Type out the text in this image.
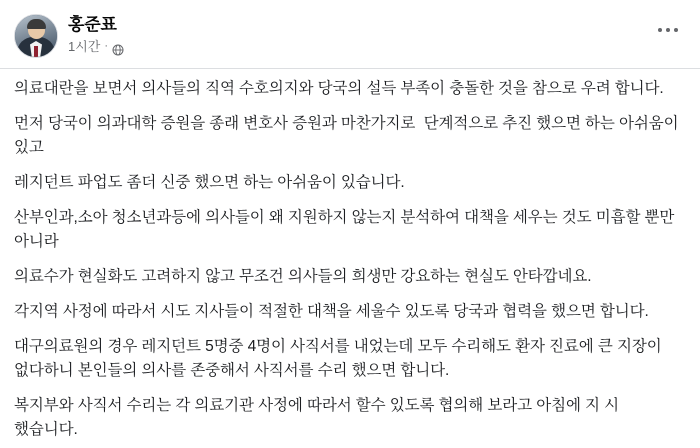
홍준표
1시간 ·

의료대란을 보면서 의사들의 직역 수호의지와 당국의 설득 부족이 충돌한 것을 참으로 우려 합니다.

먼저 당국이 의과대학 증원을 종래 변호사 증원과 마찬가지로  단계적으로 추진 했으면 하는 아쉬움이 있고

레지던트 파업도 좀더 신중 했으면 하는 아쉬움이 있습니다.

산부인과,소아 청소년과등에 의사들이 왜 지원하지 않는지 분석하여 대책을 세우는 것도 미흡할 뿐만 아니라

의료수가 현실화도 고려하지 않고 무조건 의사들의 희생만 강요하는 현실도 안타깝네요.

각지역 사정에 따라서 시도 지사들이 적절한 대책을 세울수 있도록 당국과 협력을 했으면 합니다.

대구의료원의 경우 레지던트 5명중 4명이 사직서를 내었는데 모두 수리해도 환자 진료에 큰 지장이 없다하니 본인들의 의사를 존중해서 사직서를 수리 했으면 합니다.

복지부와 사직서 수리는 각 의료기관 사정에 따라서 할수 있도록 협의해 보라고 아침에 지 시 했습니다.
